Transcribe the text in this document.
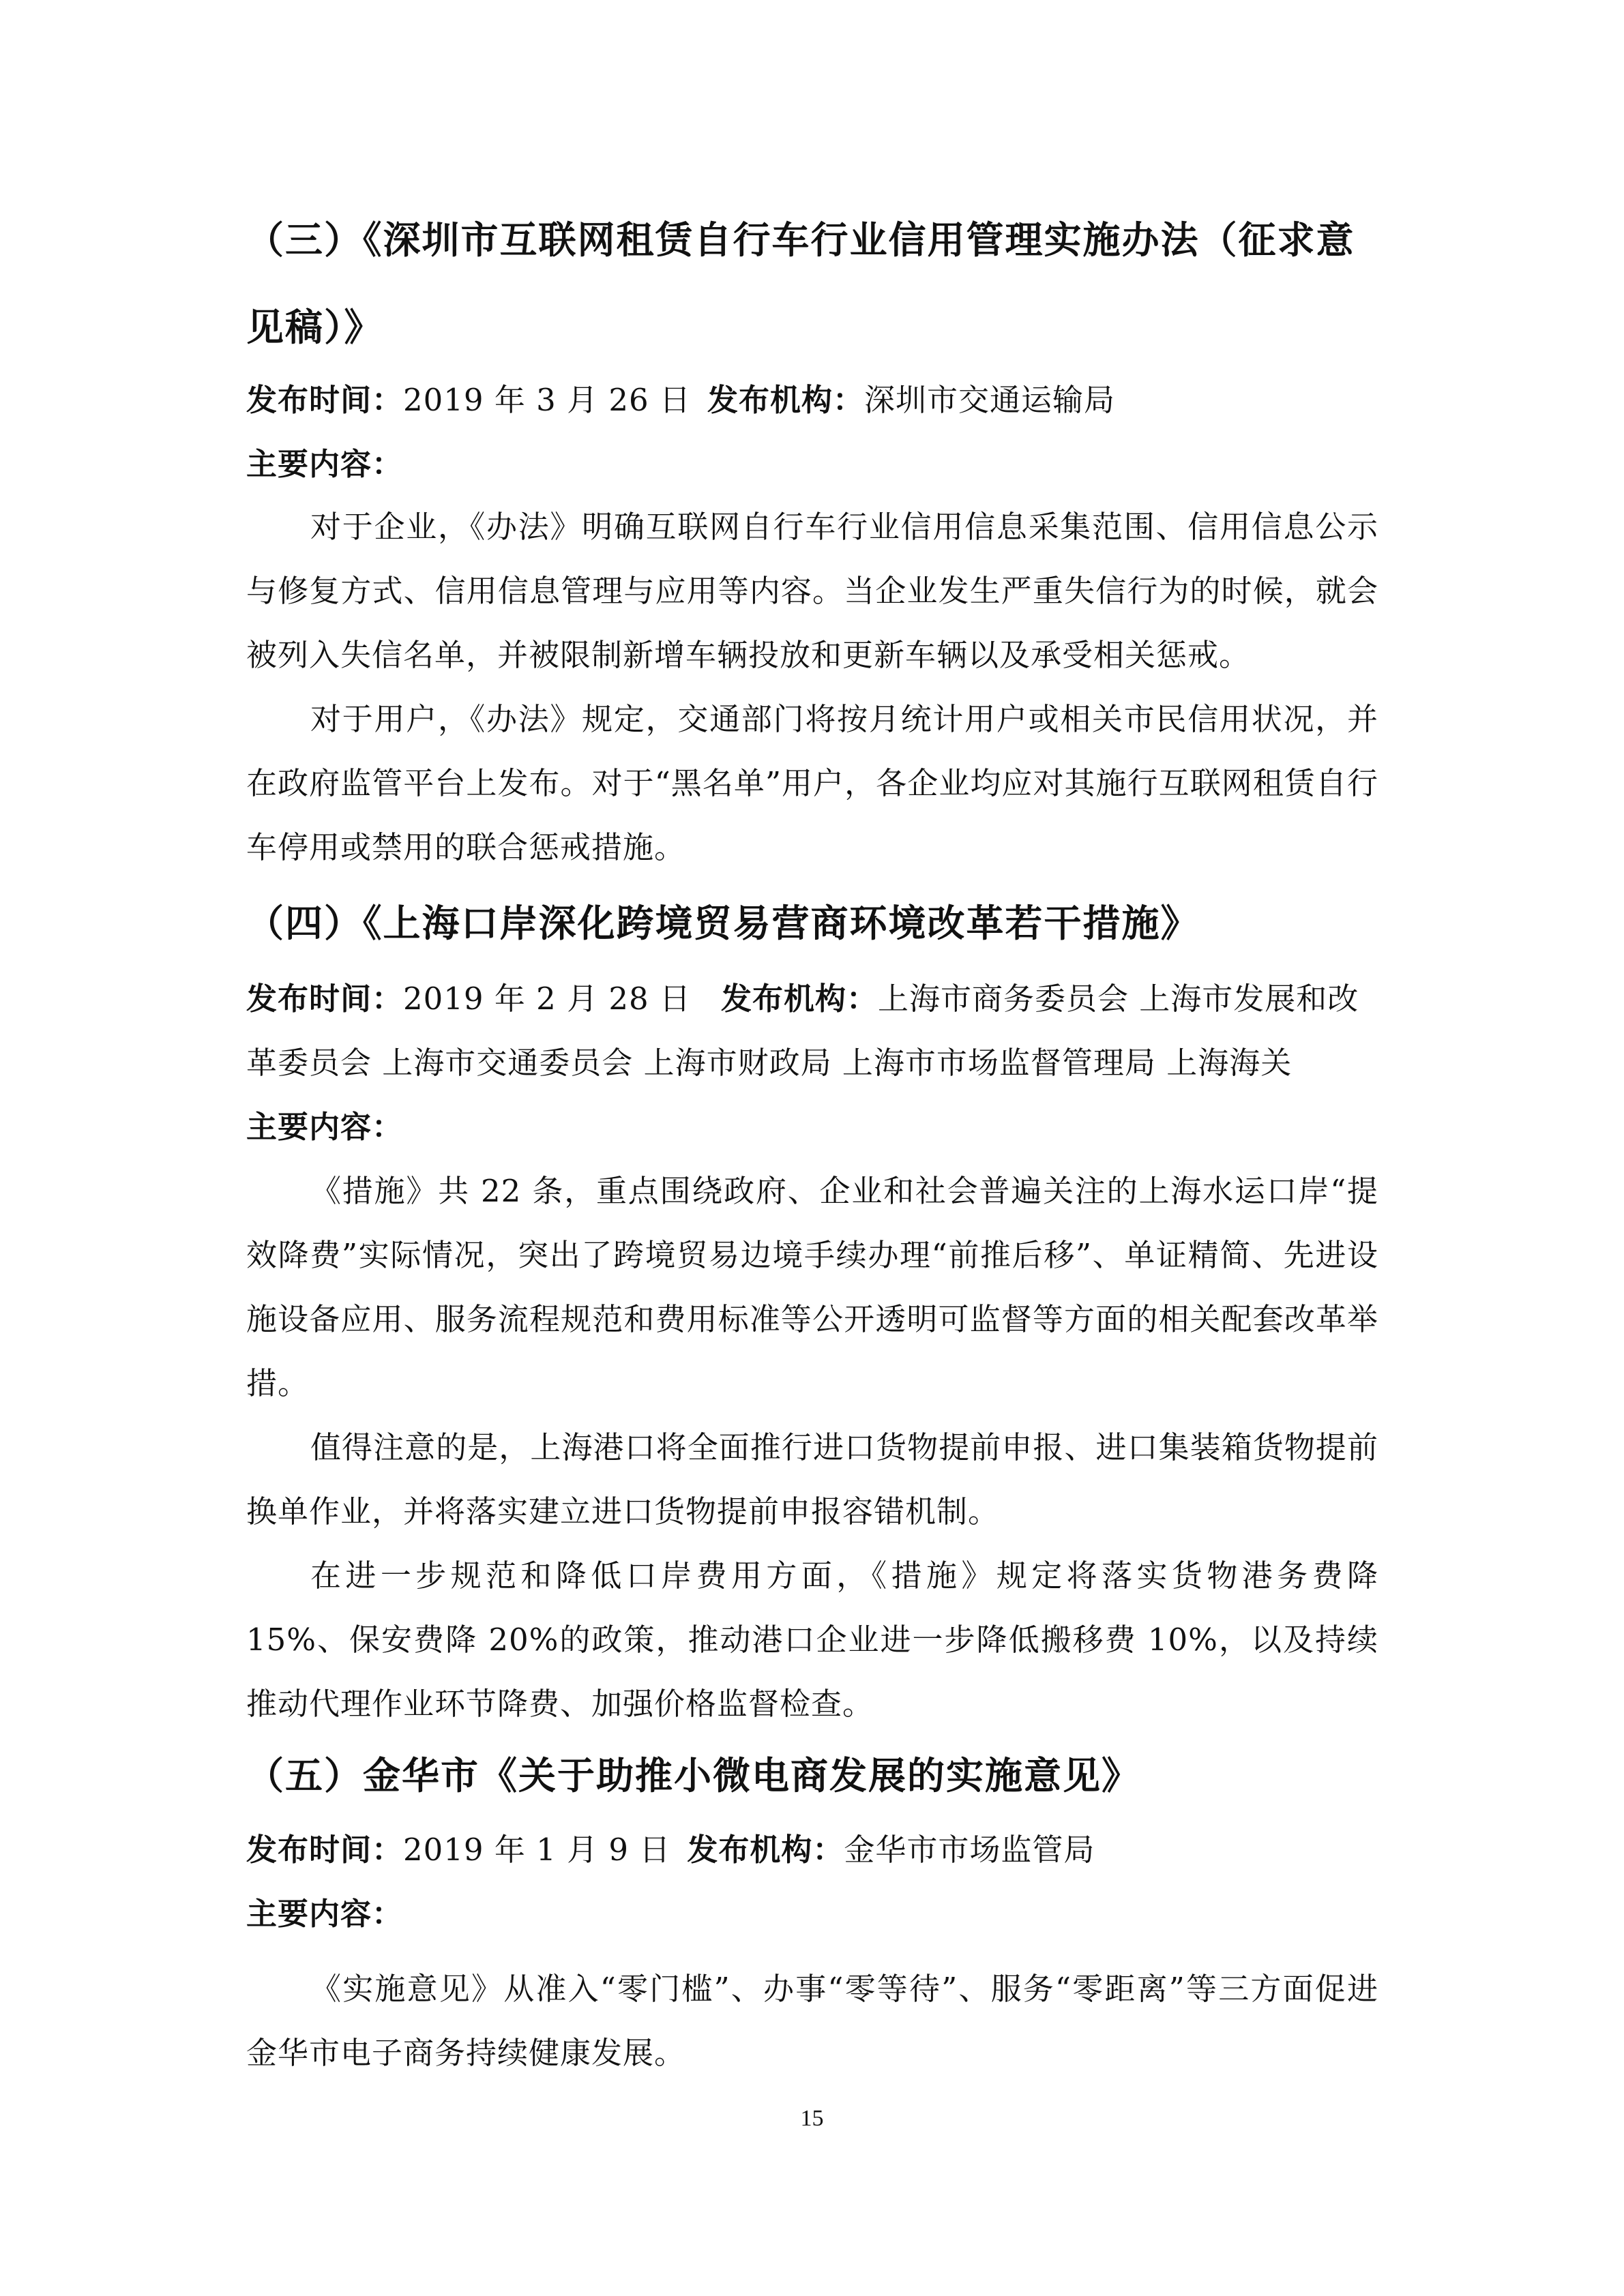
（三）《深圳市互联网租赁自行车行业信用管理实施办法（征求意见稿）》
发布时间：2019 年 3 月 26 日 发布机构：深圳市交通运输局
主要内容：
对于企业，《办法》明确互联网自行车行业信用信息采集范围、信用信息公示与修复方式、信用信息管理与应用等内容。当企业发生严重失信行为的时候，就会被列入失信名单，并被限制新增车辆投放和更新车辆以及承受相关惩戒。
对于用户，《办法》规定，交通部门将按月统计用户或相关市民信用状况，并在政府监管平台上发布。对于“黑名单”用户，各企业均应对其施行互联网租赁自行车停用或禁用的联合惩戒措施。
（四）《上海口岸深化跨境贸易营商环境改革若干措施》
发布时间：2019 年 2 月 28 日 发布机构：上海市商务委员会 上海市发展和改革委员会 上海市交通委员会 上海市财政局 上海市市场监督管理局 上海海关
主要内容：
《措施》共 22 条，重点围绕政府、企业和社会普遍关注的上海水运口岸“提效降费”实际情况，突出了跨境贸易边境手续办理“前推后移”、单证精简、先进设施设备应用、服务流程规范和费用标准等公开透明可监督等方面的相关配套改革举措。
值得注意的是，上海港口将全面推行进口货物提前申报、进口集装箱货物提前换单作业，并将落实建立进口货物提前申报容错机制。
在进一步规范和降低口岸费用方面，《措施》规定将落实货物港务费降 15%、保安费降 20%的政策，推动港口企业进一步降低搬移费 10%，以及持续推动代理作业环节降费、加强价格监督检查。
（五）金华市《关于助推小微电商发展的实施意见》
发布时间：2019 年 1 月 9 日 发布机构：金华市市场监管局
主要内容：
《实施意见》从准入“零门槛”、办事“零等待”、服务“零距离”等三方面促进金华市电子商务持续健康发展。
15
